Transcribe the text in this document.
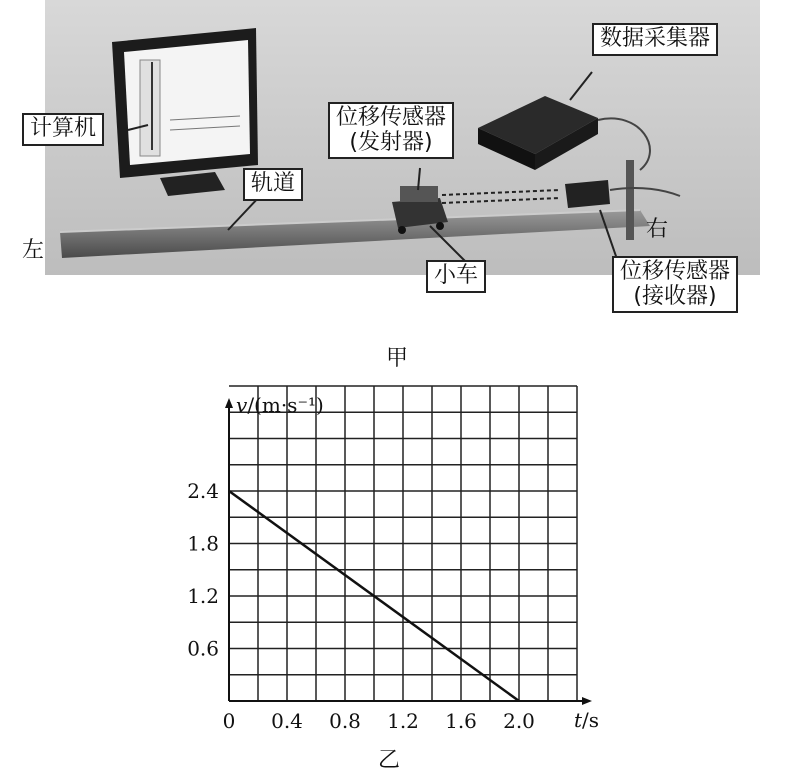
计算机
数据采集器
位移传感器
(发射器)
轨道
左
右
小车	位移传感器
(接收器)
甲
0 0.4 0.8 1.2 1.6 2.0
0.6
1.2
1.8
2.4
v/(m·s⁻¹)
t/s
乙
